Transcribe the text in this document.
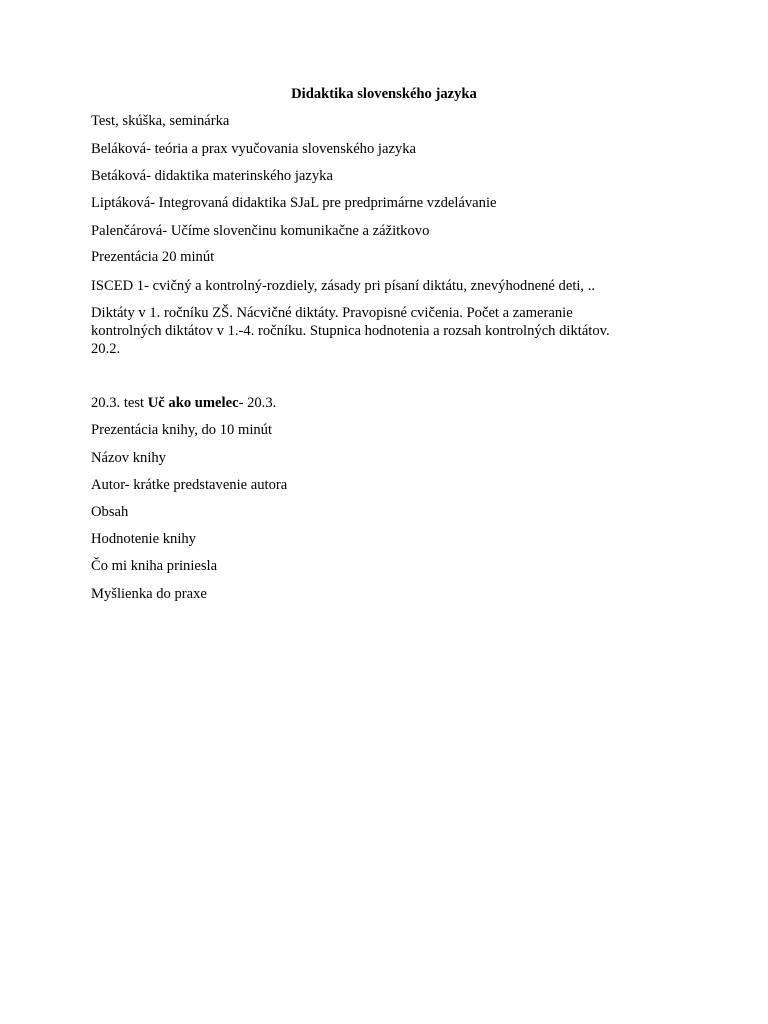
Didaktika slovenského jazyka
Test, skúška, seminárka
Beláková- teória a prax vyučovania slovenského jazyka
Betáková- didaktika materinského jazyka
Liptáková- Integrovaná didaktika SJaL pre predprimárne vzdelávanie
Palenčárová- Učíme slovenčinu komunikačne a zážitkovo
Prezentácia 20 minút
ISCED 1- cvičný a kontrolný-rozdiely, zásady pri písaní diktátu, znevýhodnené deti, ..
Diktáty v 1. ročníku ZŠ. Nácvičné diktáty. Pravopisné cvičenia. Počet a zameranie
kontrolných diktátov v 1.-4. ročníku. Stupnica hodnotenia a rozsah kontrolných diktátov.
20.2.
20.3. test Uč ako umelec- 20.3.
Prezentácia knihy, do 10 minút
Názov knihy
Autor- krátke predstavenie autora
Obsah
Hodnotenie knihy
Čo mi kniha priniesla
Myšlienka do praxe
